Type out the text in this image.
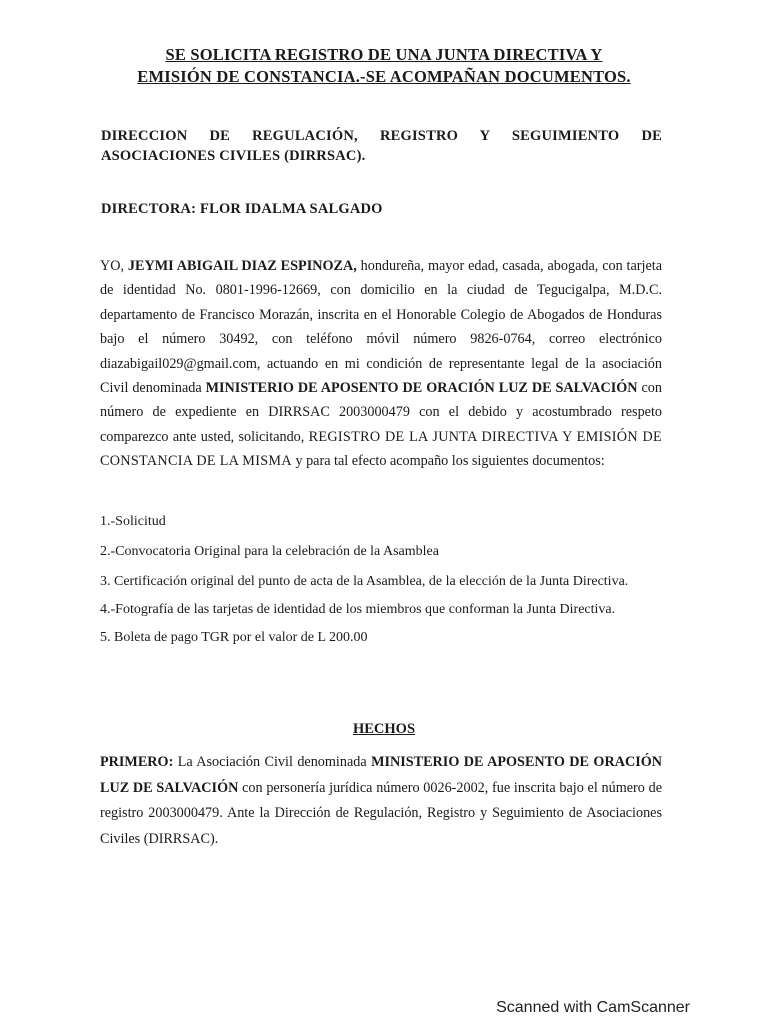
SE SOLICITA REGISTRO DE UNA JUNTA DIRECTIVA Y
EMISIÓN DE CONSTANCIA.-SE ACOMPAÑAN DOCUMENTOS.
DIRECCION DE REGULACIÓN, REGISTRO Y SEGUIMIENTO DE ASOCIACIONES CIVILES (DIRRSAC).
DIRECTORA: FLOR IDALMA SALGADO
YO, JEYMI ABIGAIL DIAZ ESPINOZA, hondureña, mayor edad, casada, abogada, con tarjeta de identidad No. 0801-1996-12669, con domicilio en la ciudad de Tegucigalpa, M.D.C. departamento de Francisco Morazán, inscrita en el Honorable Colegio de Abogados de Honduras bajo el número 30492, con teléfono móvil número 9826-0764, correo electrónico diazabigail029@gmail.com, actuando en mi condición de representante legal de la asociación Civil denominada MINISTERIO DE APOSENTO DE ORACIÓN LUZ DE SALVACIÓN con número de expediente en DIRRSAC 2003000479 con el debido y acostumbrado respeto comparezco ante usted, solicitando, REGISTRO DE LA JUNTA DIRECTIVA Y EMISIÓN DE CONSTANCIA DE LA MISMA y para tal efecto acompaño los siguientes documentos:
1.-Solicitud
2.-Convocatoria Original para la celebración de la Asamblea
3. Certificación original del punto de acta de la Asamblea, de la elección de la Junta Directiva.
4.-Fotografía de las tarjetas de identidad de los miembros que conforman la Junta Directiva.
5. Boleta de pago TGR por el valor de L 200.00
HECHOS
PRIMERO: La Asociación Civil denominada MINISTERIO DE APOSENTO DE ORACIÓN LUZ DE SALVACIÓN con personería jurídica número 0026-2002, fue inscrita bajo el número de registro 2003000479. Ante la Dirección de Regulación, Registro y Seguimiento de Asociaciones Civiles (DIRRSAC).
Scanned with CamScanner
